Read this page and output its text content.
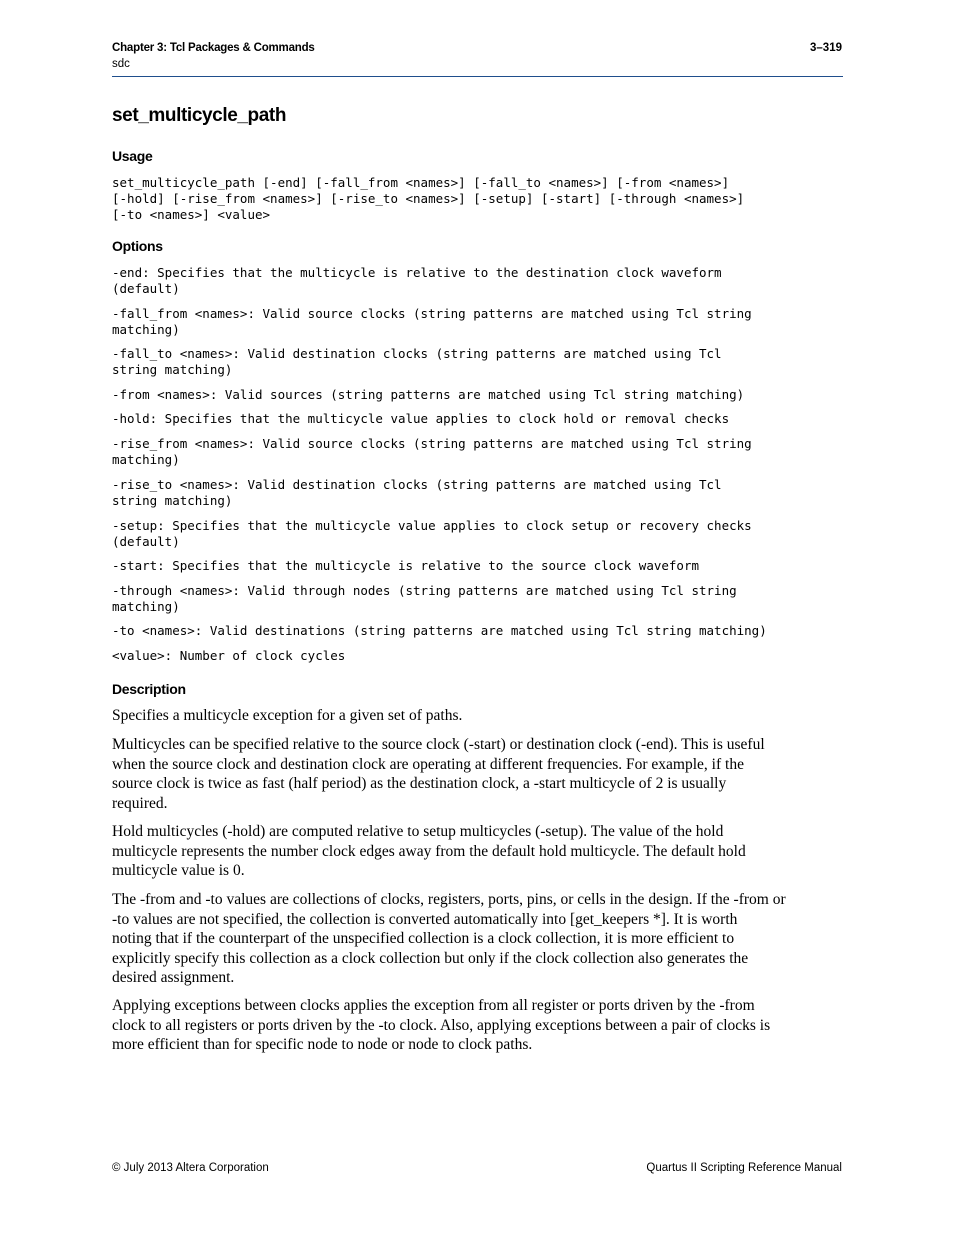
Chapter 3: Tcl Packages & Commands	3–319
sdc
set_multicycle_path
Usage
set_multicycle_path [-end] [-fall_from <names>] [-fall_to <names>] [-from <names>]
[-hold] [-rise_from <names>] [-rise_to <names>] [-setup] [-start] [-through <names>]
[-to <names>] <value>
Options
-end: Specifies that the multicycle is relative to the destination clock waveform
(default)
-fall_from <names>: Valid source clocks (string patterns are matched using Tcl string
matching)
-fall_to <names>: Valid destination clocks (string patterns are matched using Tcl
string matching)
-from <names>: Valid sources (string patterns are matched using Tcl string matching)
-hold: Specifies that the multicycle value applies to clock hold or removal checks
-rise_from <names>: Valid source clocks (string patterns are matched using Tcl string
matching)
-rise_to <names>: Valid destination clocks (string patterns are matched using Tcl
string matching)
-setup: Specifies that the multicycle value applies to clock setup or recovery checks
(default)
-start: Specifies that the multicycle is relative to the source clock waveform
-through <names>: Valid through nodes (string patterns are matched using Tcl string
matching)
-to <names>: Valid destinations (string patterns are matched using Tcl string matching)
<value>: Number of clock cycles
Description

Specifies a multicycle exception for a given set of paths.

Multicycles can be specified relative to the source clock (-start) or destination clock (-end). This is useful
when the source clock and destination clock are operating at different frequencies. For example, if the
source clock is twice as fast (half period) as the destination clock, a -start multicycle of 2 is usually
required.

Hold multicycles (-hold) are computed relative to setup multicycles (-setup). The value of the hold
multicycle represents the number clock edges away from the default hold multicycle. The default hold
multicycle value is 0.

The -from and -to values are collections of clocks, registers, ports, pins, or cells in the design. If the -from or
-to values are not specified, the collection is converted automatically into [get_keepers *]. It is worth
noting that if the counterpart of the unspecified collection is a clock collection, it is more efficient to
explicitly specify this collection as a clock collection but only if the clock collection also generates the
desired assignment.

Applying exceptions between clocks applies the exception from all register or ports driven by the -from
clock to all registers or ports driven by the -to clock. Also, applying exceptions between a pair of clocks is
more efficient than for specific node to node or node to clock paths.

© July 2013 Altera Corporation	Quartus II Scripting Reference Manual
